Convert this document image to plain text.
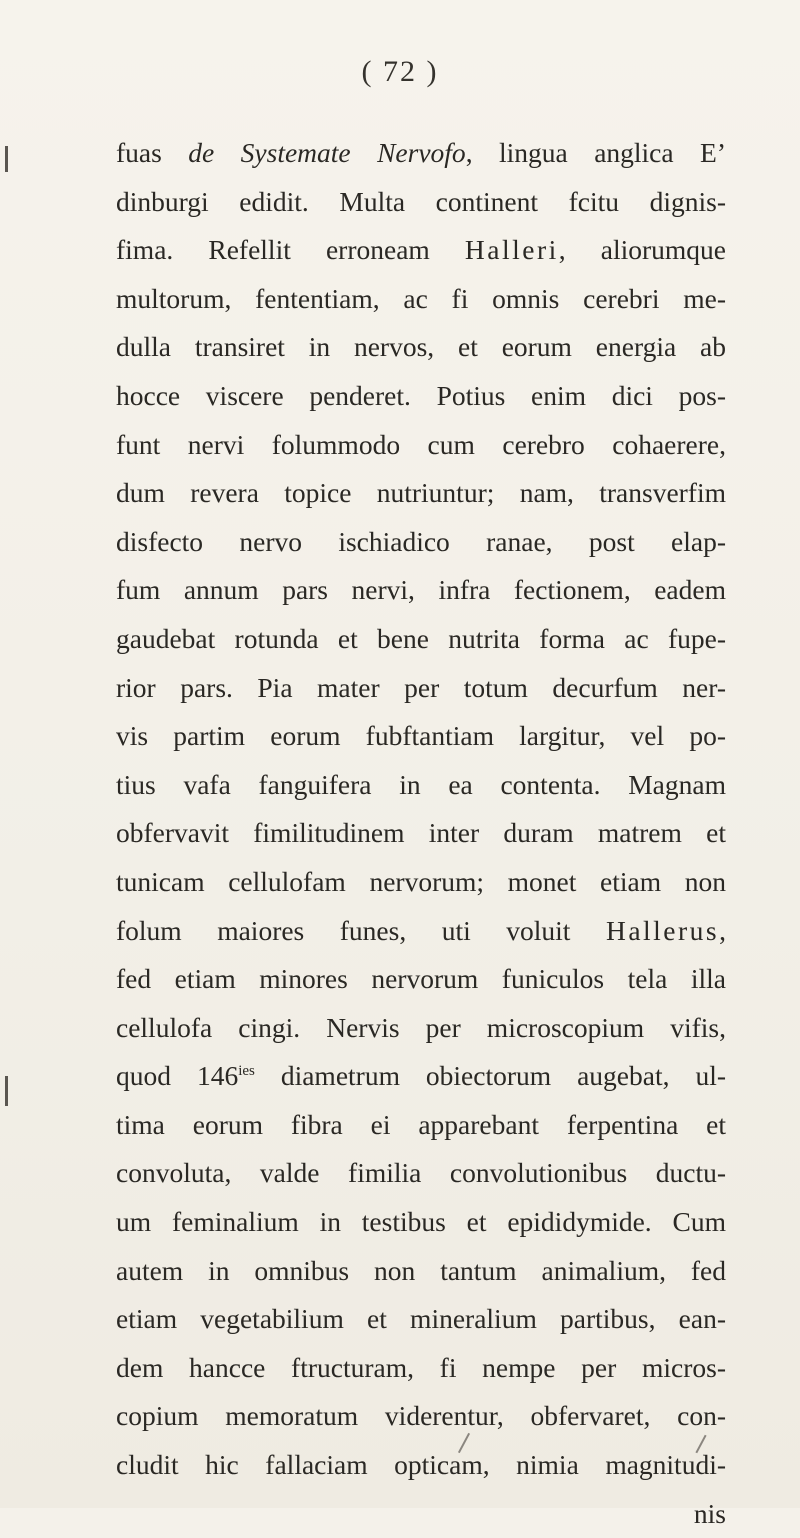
( 72 )
fuas de Systemate Nervofo, lingua anglica E’
dinburgi edidit. Multa continent fcitu dignis-
fima. Refellit erroneam Halleri, aliorumque
multorum, fententiam, ac fi omnis cerebri me-
dulla transiret in nervos, et eorum energia ab
hocce viscere penderet. Potius enim dici pos-
funt nervi folummodo cum cerebro cohaerere,
dum revera topice nutriuntur; nam, transverfim
disfecto nervo ischiadico ranae, post elap-
fum annum pars nervi, infra fectionem, eadem
gaudebat rotunda et bene nutrita forma ac fupe-
rior pars. Pia mater per totum decurfum ner-
vis partim eorum fubftantiam largitur, vel po-
tius vafa fanguifera in ea contenta. Magnam
obfervavit fimilitudinem inter duram matrem et
tunicam cellulofam nervorum; monet etiam non
folum maiores funes, uti voluit Hallerus,
fed etiam minores nervorum funiculos tela illa
cellulofa cingi. Nervis per microscopium vifis,
quod $146^{ies}$ diametrum obiectorum augebat, ul-
tima eorum fibra ei apparebant ferpentina et
convoluta, valde fimilia convolutionibus ductu-
um feminalium in testibus et epididymide. Cum
autem in omnibus non tantum animalium, fed
etiam vegetabilium et mineralium partibus, ean-
dem hancce ftructuram, fi nempe per micros-
copium memoratum viderentur, obfervaret, con-
cludit hic fallaciam opticam, nimia magnitudi-
nis
